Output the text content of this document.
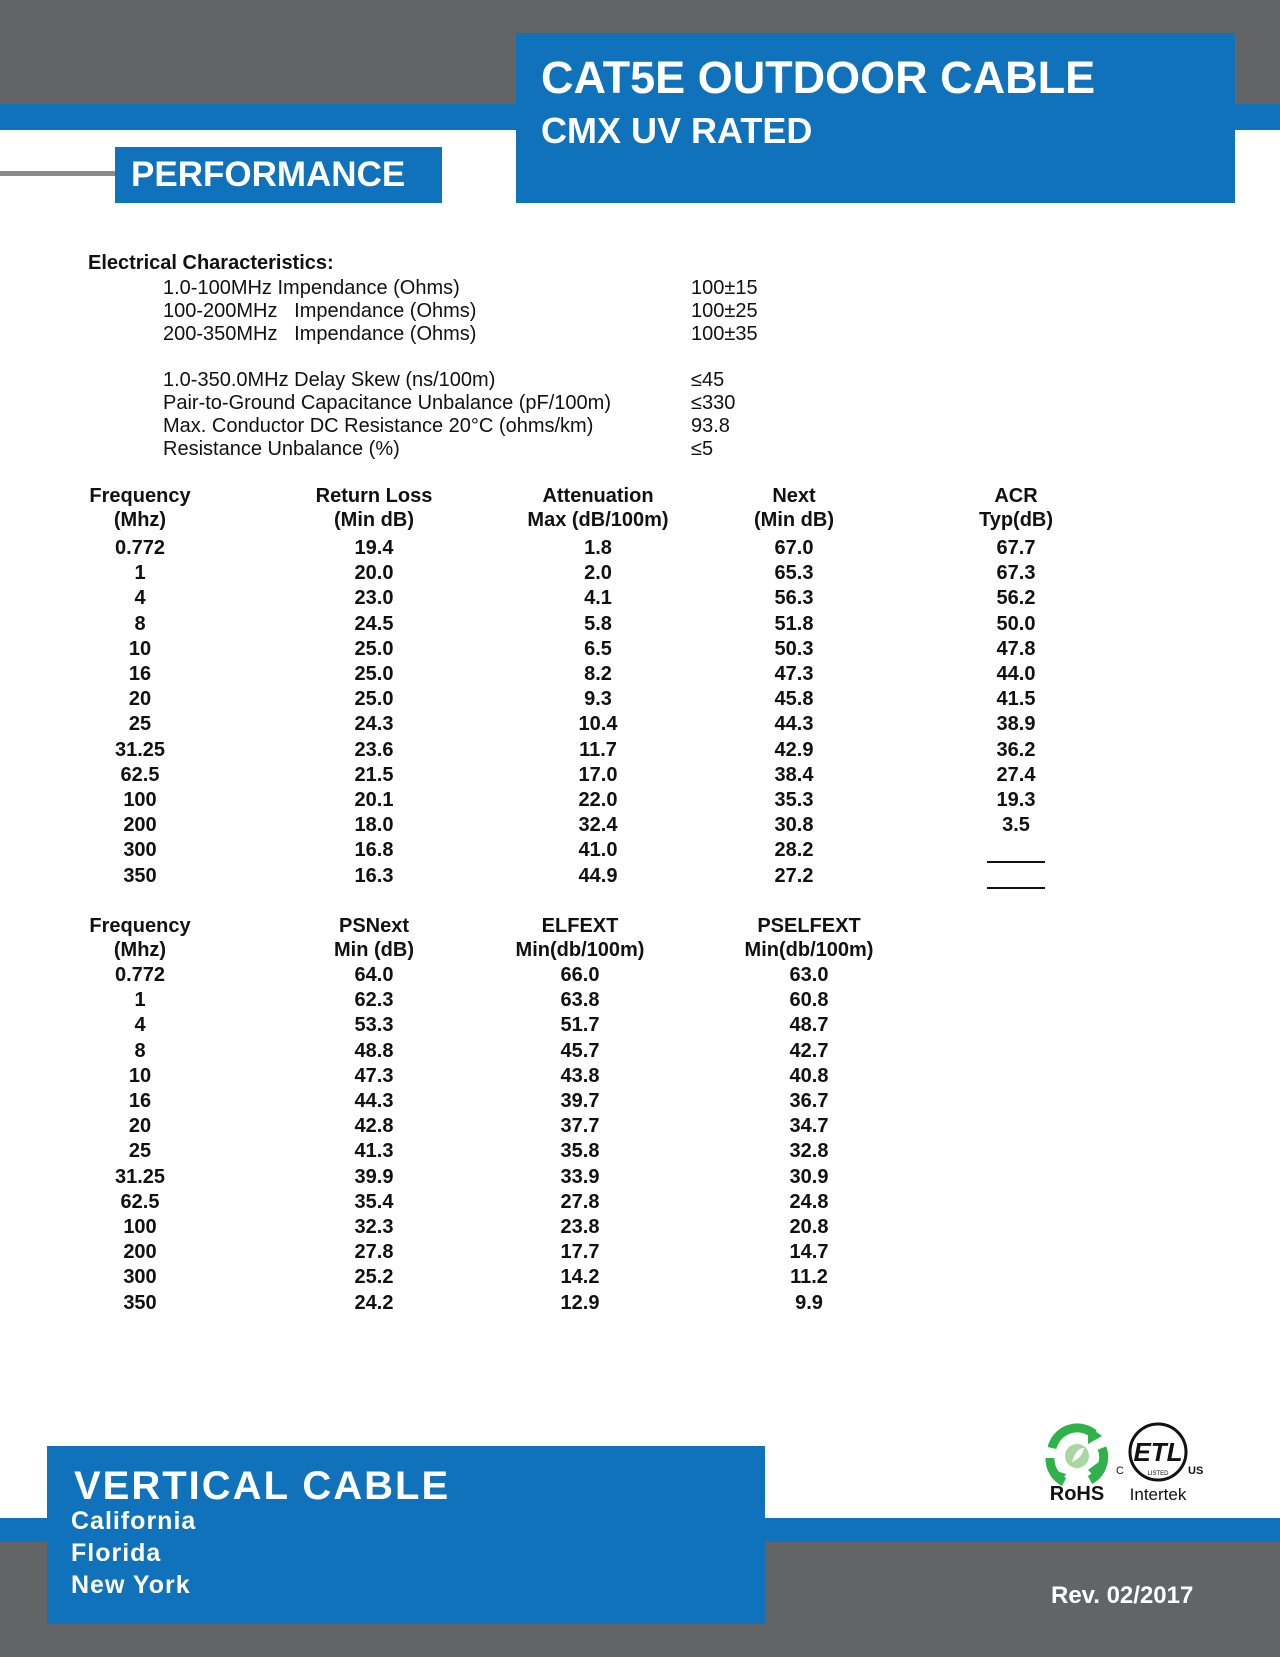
CAT5E OUTDOOR CABLE
CMX UV RATED
PERFORMANCE
Electrical Characteristics:
1.0-100MHz Impendance (Ohms)	100±15
100-200MHz   Impendance (Ohms)	100±25
200-350MHz   Impendance (Ohms)	100±35
1.0-350.0MHz Delay Skew (ns/100m)	≤45
Pair-to-Ground Capacitance Unbalance (pF/100m)	≤330
Max. Conductor DC Resistance 20°C (ohms/km)	93.8
Resistance Unbalance (%)	≤5
Frequency
(Mhz)
Return Loss
(Min dB)
Attenuation
Max (dB/100m)
Next
(Min dB)
ACR
Typ(dB)
0.772	19.4	1.8	67.0	67.7
1	20.0	2.0	65.3	67.3
4	23.0	4.1	56.3	56.2
8	24.5	5.8	51.8	50.0
10	25.0	6.5	50.3	47.8
16	25.0	8.2	47.3	44.0
20	25.0	9.3	45.8	41.5
25	24.3	10.4	44.3	38.9
31.25	23.6	11.7	42.9	36.2
62.5	21.5	17.0	38.4	27.4
100	20.1	22.0	35.3	19.3
200	18.0	32.4	30.8	3.5
300	16.8	41.0	28.2
350	16.3	44.9	27.2
Frequency
(Mhz)
PSNext
Min (dB)
ELFEXT
Min(db/100m)
PSELFEXT
Min(db/100m)
0.772	64.0	66.0	63.0
1	62.3	63.8	60.8
4	53.3	51.7	48.7
8	48.8	45.7	42.7
10	47.3	43.8	40.8
16	44.3	39.7	36.7
20	42.8	37.7	34.7
25	41.3	35.8	32.8
31.25	39.9	33.9	30.9
62.5	35.4	27.8	24.8
100	32.3	23.8	20.8
200	27.8	17.7	14.7
300	25.2	14.2	11.2
350	24.2	12.9	9.9
VERTICAL CABLE
California
Florida
New York	Rev. 02/2017
RoHS
ETL
LISTED
C	US
Intertek
